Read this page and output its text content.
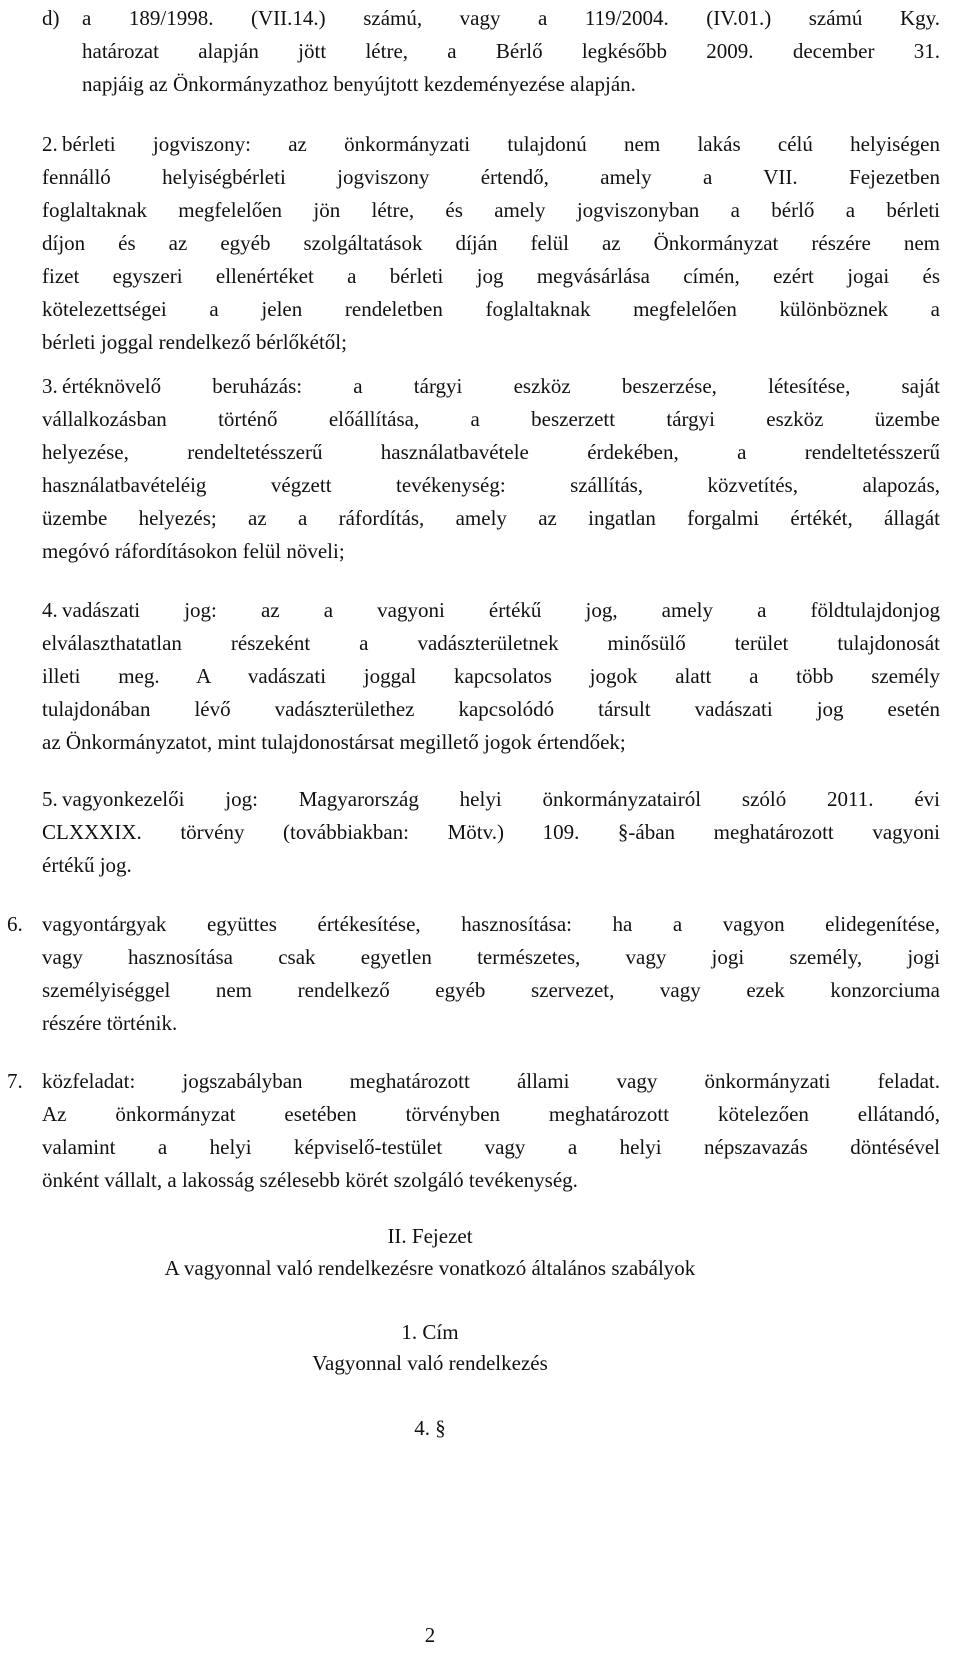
d) a 189/1998. (VII.14.) számú, vagy a 119/2004. (IV.01.) számú Kgy.
határozat alapján jött létre, a Bérlő legkésőbb 2009. december 31.
napjáig az Önkormányzathoz benyújtott kezdeményezése alapján.
2. bérleti jogviszony: az önkormányzati tulajdonú nem lakás célú helyiségen
fennálló helyiségbérleti jogviszony értendő, amely a VII. Fejezetben
foglaltaknak megfelelően jön létre, és amely jogviszonyban a bérlő a bérleti
díjon és az egyéb szolgáltatások díján felül az Önkormányzat részére nem
fizet egyszeri ellenértéket a bérleti jog megvásárlása címén, ezért jogai és
kötelezettségei a jelen rendeletben foglaltaknak megfelelően különböznek a
bérleti joggal rendelkező bérlőkétől;
3. értéknövelő beruházás: a tárgyi eszköz beszerzése, létesítése, saját
vállalkozásban történő előállítása, a beszerzett tárgyi eszköz üzembe
helyezése, rendeltetésszerű használatbavétele érdekében, a rendeltetésszerű
használatbavételéig végzett tevékenység: szállítás, közvetítés, alapozás,
üzembe helyezés; az a ráfordítás, amely az ingatlan forgalmi értékét, állagát
megóvó ráfordításokon felül növeli;
4. vadászati jog: az a vagyoni értékű jog, amely a földtulajdonjog
elválaszthatatlan részeként a vadászterületnek minősülő terület tulajdonosát
illeti meg. A vadászati joggal kapcsolatos jogok alatt a több személy
tulajdonában lévő vadászterülethez kapcsolódó társult vadászati jog esetén
az Önkormányzatot, mint tulajdonostársat megillető jogok értendőek;
5. vagyonkezelői jog: Magyarország helyi önkormányzatairól szóló 2011. évi
CLXXXIX. törvény (továbbiakban: Mötv.) 109. §-ában meghatározott vagyoni
értékű jog.
6. vagyontárgyak együttes értékesítése, hasznosítása: ha a vagyon elidegenítése,
vagy hasznosítása csak egyetlen természetes, vagy jogi személy, jogi
személyiséggel nem rendelkező egyéb szervezet, vagy ezek konzorciuma
részére történik.
7. közfeladat: jogszabályban meghatározott állami vagy önkormányzati feladat.
Az önkormányzat esetében törvényben meghatározott kötelezően ellátandó,
valamint a helyi képviselő-testület vagy a helyi népszavazás döntésével
önként vállalt, a lakosság szélesebb körét szolgáló tevékenység.
II. Fejezet
A vagyonnal való rendelkezésre vonatkozó általános szabályok
1. Cím
Vagyonnal való rendelkezés
4. §
2
